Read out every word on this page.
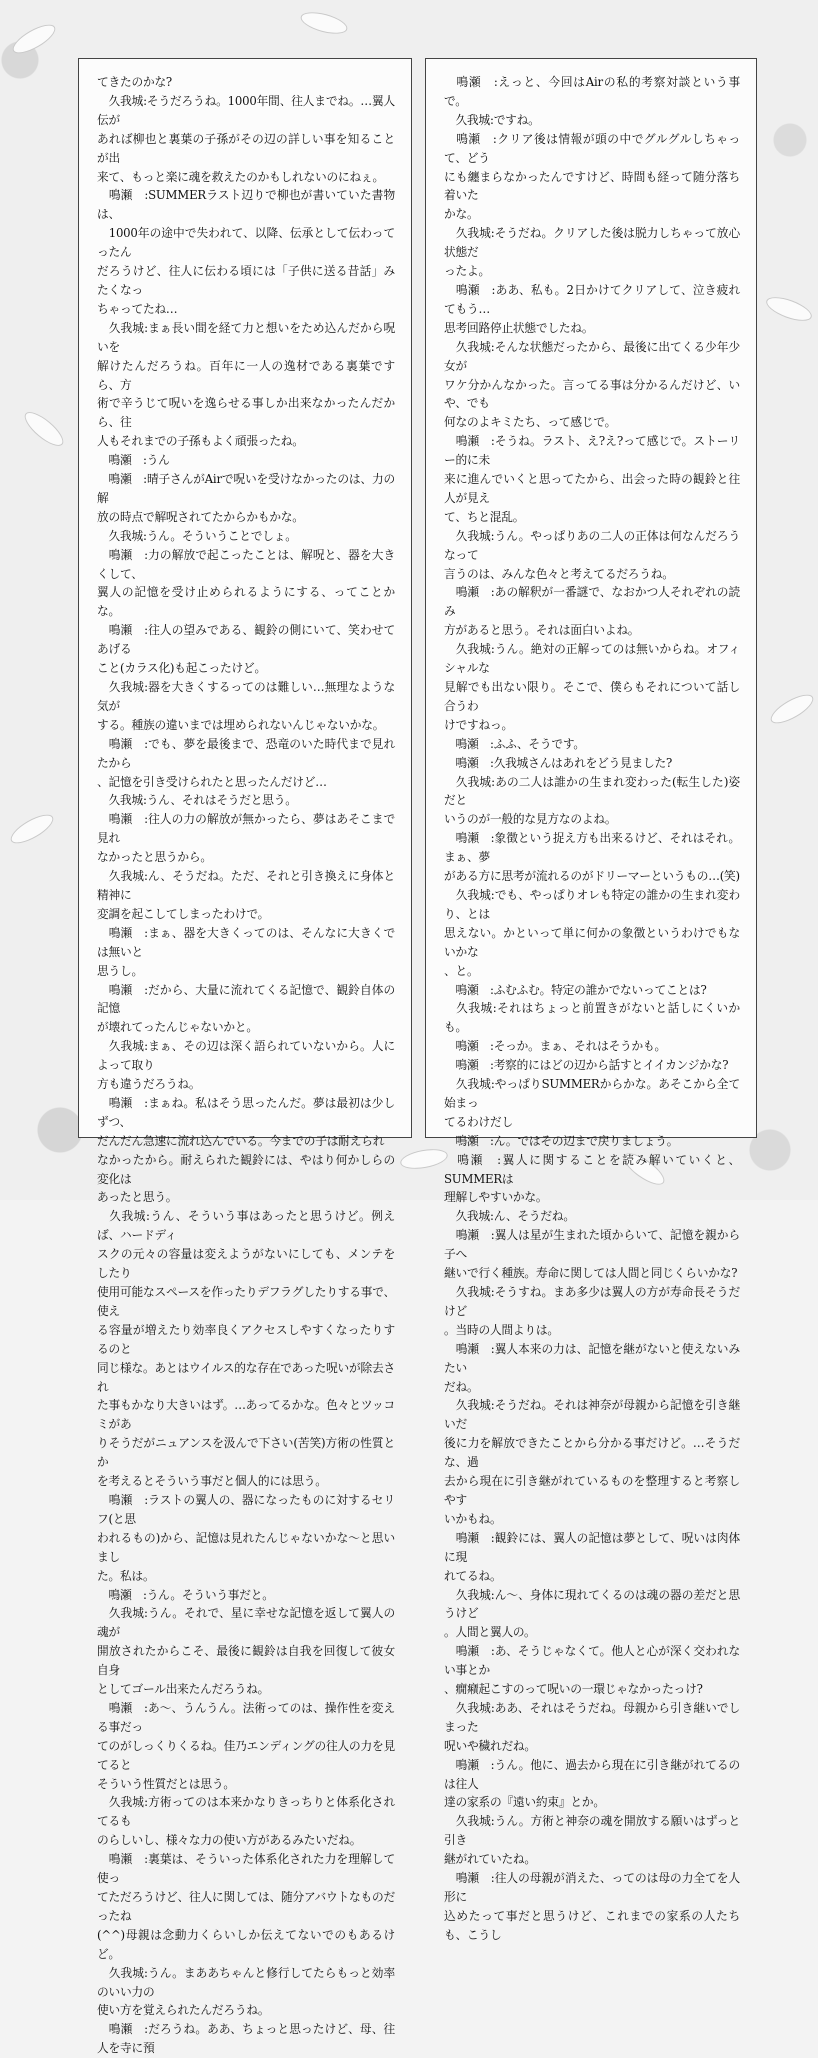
てきたのかな?

　久我城:そうだろうね。1000年間、往人までね。…翼人伝が

あれば柳也と裏葉の子孫がその辺の詳しい事を知ることが出

来て、もっと楽に魂を救えたのかもしれないのにねぇ。

　鳴瀬　:SUMMERラスト辺りで柳也が書いていた書物は、

　1000年の途中で失われて、以降、伝承として伝わってったん

だろうけど、往人に伝わる頃には「子供に送る昔話」みたくなっ

ちゃってたね…

　久我城:まぁ長い間を経て力と想いをため込んだから呪いを

解けたんだろうね。百年に一人の逸材である裏葉ですら、方

術で辛うじて呪いを逸らせる事しか出来なかったんだから、往

人もそれまでの子孫もよく頑張ったね。

　鳴瀬　:うん

　鳴瀬　:晴子さんがAirで呪いを受けなかったのは、力の解

放の時点で解呪されてたからかもかな。

　久我城:うん。そういうことでしょ。

　鳴瀬　:力の解放で起こったことは、解呪と、器を大きくして、

翼人の記憶を受け止められるようにする、ってことかな。

　鳴瀬　:往人の望みである、観鈴の側にいて、笑わせてあげる

こと(カラス化)も起こったけど。

　久我城:器を大きくするってのは難しい…無理なような気が

する。種族の違いまでは埋められないんじゃないかな。

　鳴瀬　:でも、夢を最後まで、恐竜のいた時代まで見れたから

、記憶を引き受けられたと思ったんだけど…

　久我城:うん、それはそうだと思う。

　鳴瀬　:往人の力の解放が無かったら、夢はあそこまで見れ

なかったと思うから。

　久我城:ん、そうだね。ただ、それと引き換えに身体と精神に

変調を起こしてしまったわけで。

　鳴瀬　:まぁ、器を大きくってのは、そんなに大きくでは無いと

思うし。

　鳴瀬　:だから、大量に流れてくる記憶で、観鈴自体の記憶

が壊れてったんじゃないかと。

　久我城:まぁ、その辺は深く語られていないから。人によって取り

方も違うだろうね。

　鳴瀬　:まぁね。私はそう思ったんだ。夢は最初は少しずつ、

だんだん急速に流れ込んでいる。今までの子は耐えられ

なかったから。耐えられた観鈴には、やはり何かしらの変化は

あったと思う。

　久我城:うん、そういう事はあったと思うけど。例えば、ハードディ

スクの元々の容量は変えようがないにしても、メンテをしたり

使用可能なスペースを作ったりデフラグしたりする事で、使え

る容量が増えたり効率良くアクセスしやすくなったりするのと

同じ様な。あとはウイルス的な存在であった呪いが除去され

た事もかなり大きいはず。…あってるかな。色々とツッコミがあ

りそうだがニュアンスを汲んで下さい(苦笑)方術の性質とか

を考えるとそういう事だと個人的には思う。

　鳴瀬　:ラストの翼人の、器になったものに対するセリフ(と思

われるもの)から、記憶は見れたんじゃないかな～と思いまし

た。私は。

　鳴瀬　:うん。そういう事だと。

　久我城:うん。それで、星に幸せな記憶を返して翼人の魂が

開放されたからこそ、最後に観鈴は自我を回復して彼女自身

としてゴール出来たんだろうね。

　鳴瀬　:あ～、うんうん。法術ってのは、操作性を変える事だっ

てのがしっくりくるね。佳乃エンディングの往人の力を見てると

そういう性質だとは思う。

　久我城:方術ってのは本来かなりきっちりと体系化されてるも

のらしいし、様々な力の使い方があるみたいだね。

　鳴瀬　:裏葉は、そういった体系化された力を理解して使っ

てただろうけど、往人に関しては、随分アバウトなものだったね

(^^)母親は念動力くらいしか伝えてないでのもあるけど。

　久我城:うん。まああちゃんと修行してたらもっと効率のいい力の

使い方を覚えられたんだろうね。

　鳴瀬　:だろうね。ああ、ちょっと思ったけど、母、往人を寺に預

　鳴瀬　:えっと、今回はAirの私的考察対談という事で。

　久我城:ですね。

　鳴瀬　:クリア後は情報が頭の中でグルグルしちゃって、どう

にも纏まらなかったんですけど、時間も経って随分落ち着いた

かな。

　久我城:そうだね。クリアした後は脱力しちゃって放心状態だ

ったよ。

　鳴瀬　:ああ、私も。2日かけてクリアして、泣き疲れてもう…

思考回路停止状態でしたね。

　久我城:そんな状態だったから、最後に出てくる少年少女が

ワケ分かんなかった。言ってる事は分かるんだけど、いや、でも

何なのよキミたち、って感じで。

　鳴瀬　:そうね。ラスト、え?え?って感じで。ストーリー的に未

来に進んでいくと思ってたから、出会った時の観鈴と往人が見え

て、ちと混乱。

　久我城:うん。やっぱりあの二人の正体は何なんだろうなって

言うのは、みんな色々と考えてるだろうね。

　鳴瀬　:あの解釈が一番謎で、なおかつ人それぞれの読み

方があると思う。それは面白いよね。

　久我城:うん。絶対の正解ってのは無いからね。オフィシャルな

見解でも出ない限り。そこで、僕らもそれについて話し合うわ

けですねっ。

　鳴瀬　:ふふ、そうです。

　鳴瀬　:久我城さんはあれをどう見ました?

　久我城:あの二人は誰かの生まれ変わった(転生した)姿だと

いうのが一般的な見方なのよね。

　鳴瀬　:象徴という捉え方も出来るけど、それはそれ。まぁ、夢

がある方に思考が流れるのがドリーマーというもの…(笑)

　久我城:でも、やっぱりオレも特定の誰かの生まれ変わり、とは

思えない。かといって単に何かの象徴というわけでもないかな

、と。

　鳴瀬　:ふむふむ。特定の誰かでないってことは?

　久我城:それはちょっと前置きがないと話しにくいかも。

　鳴瀬　:そっか。まぁ、それはそうかも。

　鳴瀬　:考察的にはどの辺から話すとイイカンジかな?

　久我城:やっぱりSUMMERからかな。あそこから全て始まっ

てるわけだし

　鳴瀬　:ん。ではその辺まで戻りましょう。

　鳴瀬　:翼人に関することを読み解いていくと、SUMMERは

理解しやすいかな。

　久我城:ん、そうだね。

　鳴瀬　:翼人は星が生まれた頃からいて、記憶を親から子へ

継いで行く種族。寿命に関しては人間と同じくらいかな?

　久我城:そうすね。まあ多少は翼人の方が寿命長そうだけど

。当時の人間よりは。

　鳴瀬　:翼人本来の力は、記憶を継がないと使えないみたい

だね。

　久我城:そうだね。それは神奈が母親から記憶を引き継いだ

後に力を解放できたことから分かる事だけど。…そうだな、過

去から現在に引き継がれているものを整理すると考察しやす

いかもね。

　鳴瀬　:観鈴には、翼人の記憶は夢として、呪いは肉体に現

れてるね。

　久我城:ん～、身体に現れてくるのは魂の器の差だと思うけど

。人間と翼人の。

　鳴瀬　:あ、そうじゃなくて。他人と心が深く交われない事とか

、癇癪起こすのって呪いの一環じゃなかったっけ?

　久我城:ああ、それはそうだね。母親から引き継いでしまった

呪いや穢れだね。

　鳴瀬　:うん。他に、過去から現在に引き継がれてるのは往人

達の家系の『遠い約束』とか。

　久我城:うん。方術と神奈の魂を開放する願いはずっと引き

継がれていたね。

　鳴瀬　:往人の母親が消えた、ってのは母の力全てを人形に

込めたって事だと思うけど、これまでの家系の人たちも、こうし
